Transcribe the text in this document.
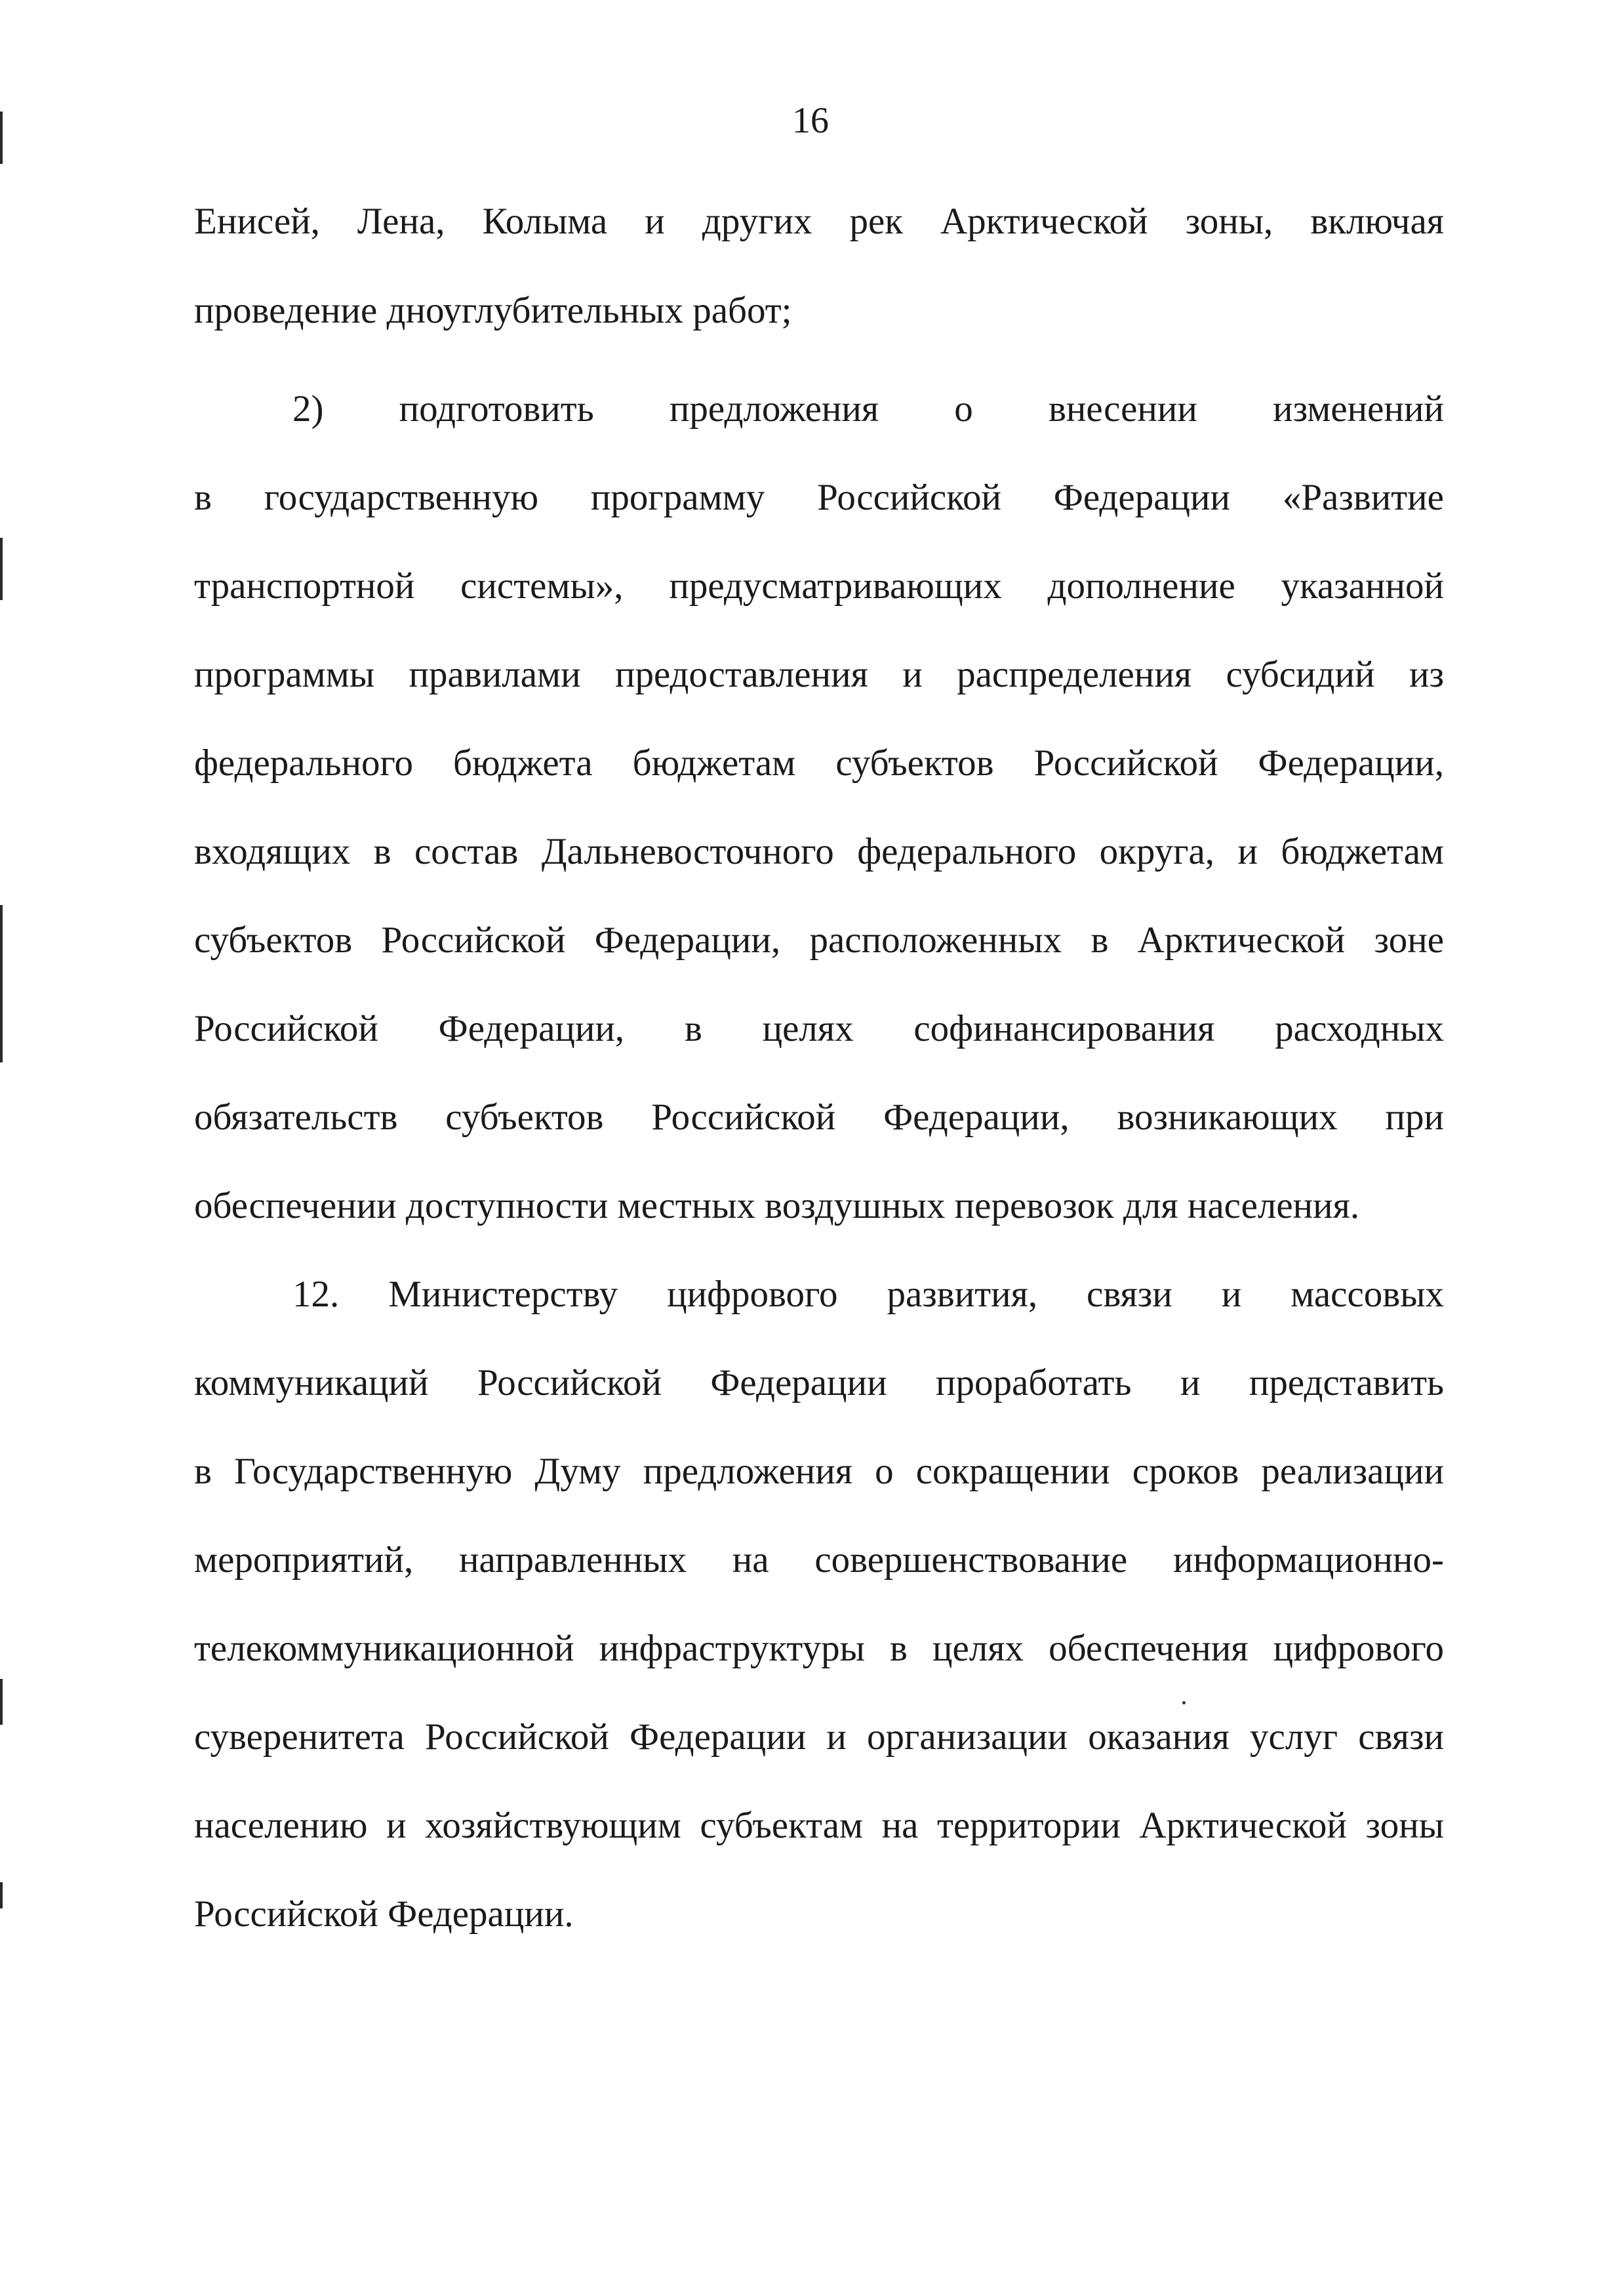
16
Енисей, Лена, Колыма и других рек Арктической зоны, включая
проведение дноуглубительных работ;
2) подготовить предложения о внесении изменений
в государственную программу Российской Федерации «Развитие
транспортной системы», предусматривающих дополнение указанной
программы правилами предоставления и распределения субсидий из
федерального бюджета бюджетам субъектов Российской Федерации,
входящих в состав Дальневосточного федерального округа, и бюджетам
субъектов Российской Федерации, расположенных в Арктической зоне
Российской Федерации, в целях софинансирования расходных
обязательств субъектов Российской Федерации, возникающих при
обеспечении доступности местных воздушных перевозок для населения.
12. Министерству цифрового развития, связи и массовых
коммуникаций Российской Федерации проработать и представить
в Государственную Думу предложения о сокращении сроков реализации
мероприятий, направленных на совершенствование информационно-
телекоммуникационной инфраструктуры в целях обеспечения цифрового
суверенитета Российской Федерации и организации оказания услуг связи
населению и хозяйствующим субъектам на территории Арктической зоны
Российской Федерации.
